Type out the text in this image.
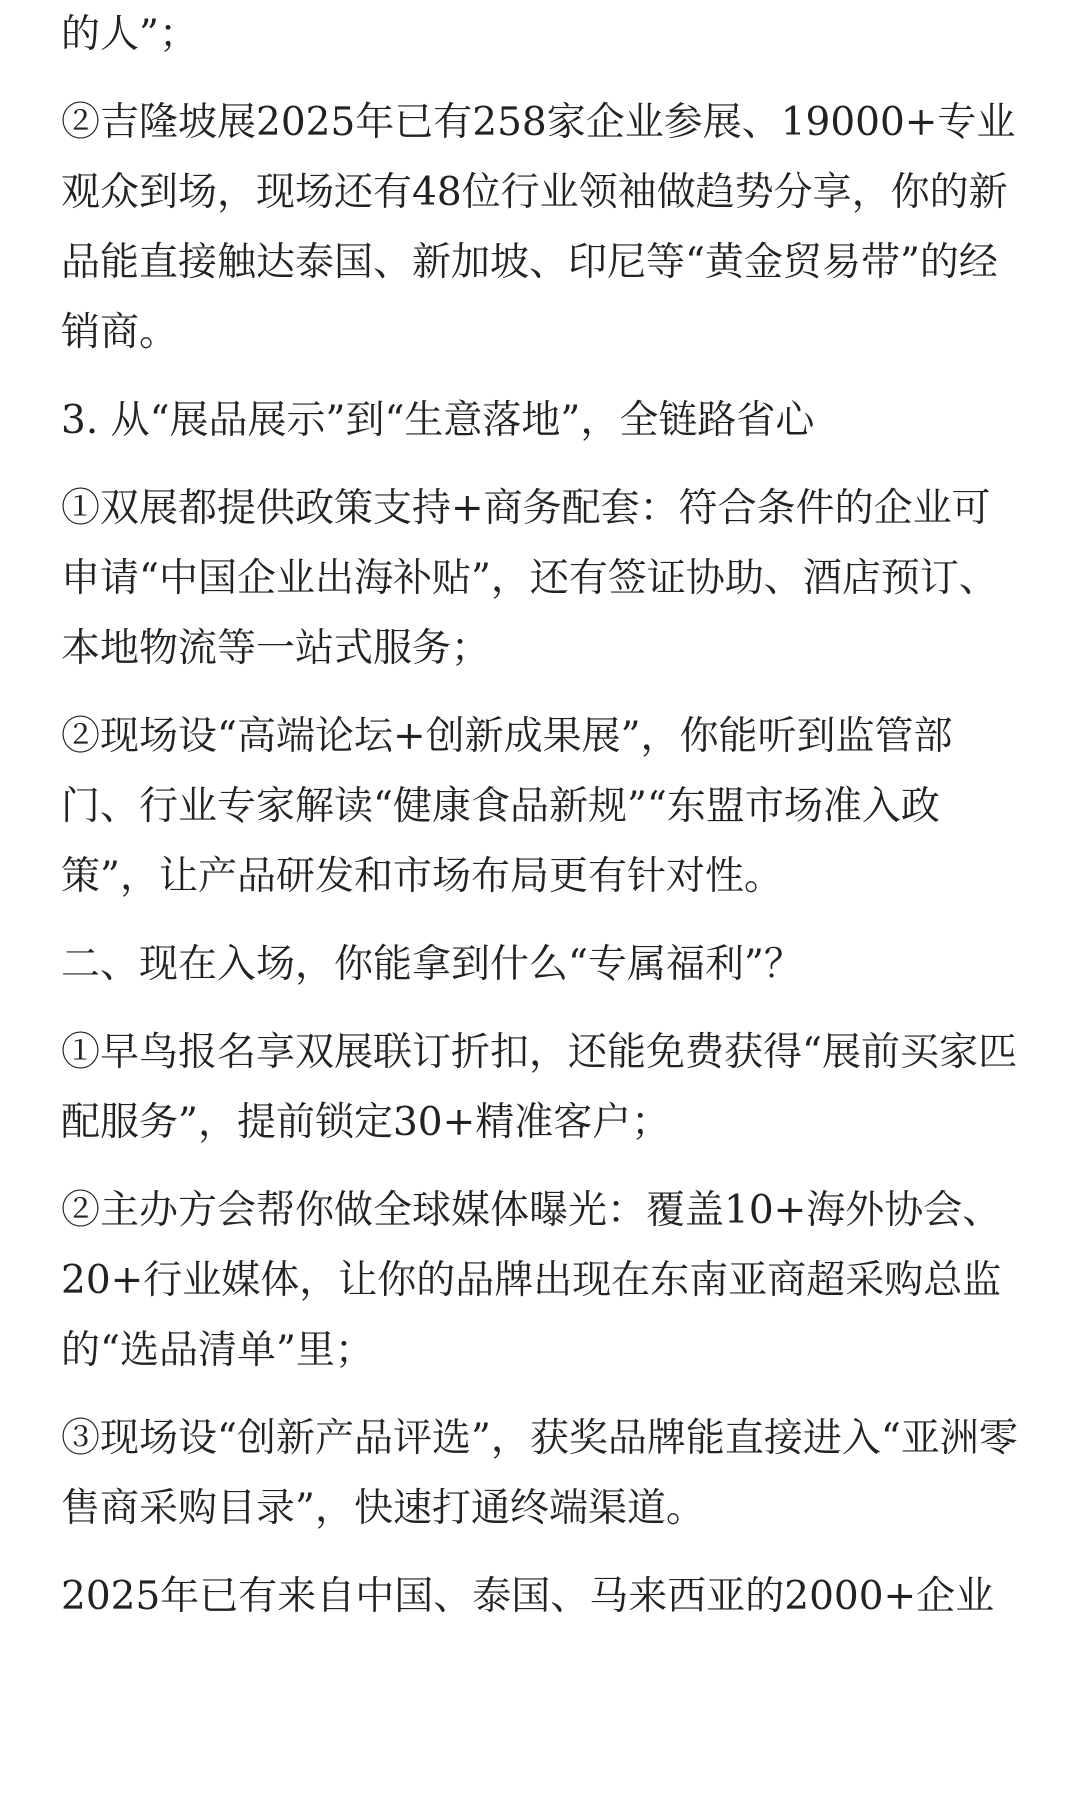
的人”；

②吉隆坡展2025年已有258家企业参展、19000+专业观众到场，现场还有48位行业领袖做趋势分享，你的新品能直接触达泰国、新加坡、印尼等“黄金贸易带”的经销商。

3. 从“展品展示”到“生意落地”，全链路省心

①双展都提供政策支持+商务配套：符合条件的企业可申请“中国企业出海补贴”，还有签证协助、酒店预订、本地物流等一站式服务；

②现场设“高端论坛+创新成果展”，你能听到监管部门、行业专家解读“健康食品新规”“东盟市场准入政策”，让产品研发和市场布局更有针对性。

二、现在入场，你能拿到什么“专属福利”？

①早鸟报名享双展联订折扣，还能免费获得“展前买家匹配服务”，提前锁定30+精准客户；

②主办方会帮你做全球媒体曝光：覆盖10+海外协会、20+行业媒体，让你的品牌出现在东南亚商超采购总监的“选品清单”里；

③现场设“创新产品评选”，获奖品牌能直接进入“亚洲零售商采购目录”，快速打通终端渠道。

2025年已有来自中国、泰国、马来西亚的2000+企业
